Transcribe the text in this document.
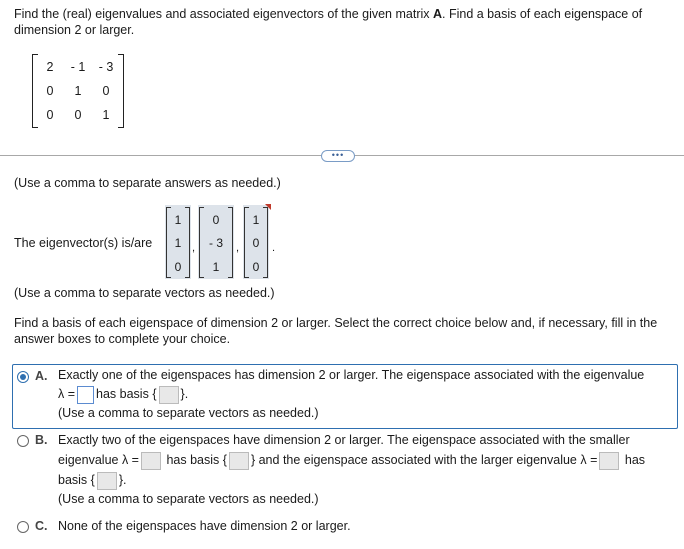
Find the (real) eigenvalues and associated eigenvectors of the given matrix A. Find a basis of each eigenspace of dimension 2 or larger.
2	- 1	- 3
0	1	0
0	0	1
•••
(Use a comma to separate answers as needed.)
The eigenvector(s) is/are
1
1
0
,
0
- 3
1
,
1
0
0
.
(Use a comma to separate vectors as needed.)
Find a basis of each eigenspace of dimension 2 or larger. Select the correct choice below and, if necessary, fill in the answer boxes to complete your choice.
A. Exactly one of the eigenspaces has dimension 2 or larger. The eigenspace associated with the eigenvalue
λ = has basis { }.
(Use a comma to separate vectors as needed.)
B. Exactly two of the eigenspaces have dimension 2 or larger. The eigenspace associated with the smaller
eigenvalue λ = has basis { } and the eigenspace associated with the larger eigenvalue λ = has
basis { }.
(Use a comma to separate vectors as needed.)
C. None of the eigenspaces have dimension 2 or larger.
